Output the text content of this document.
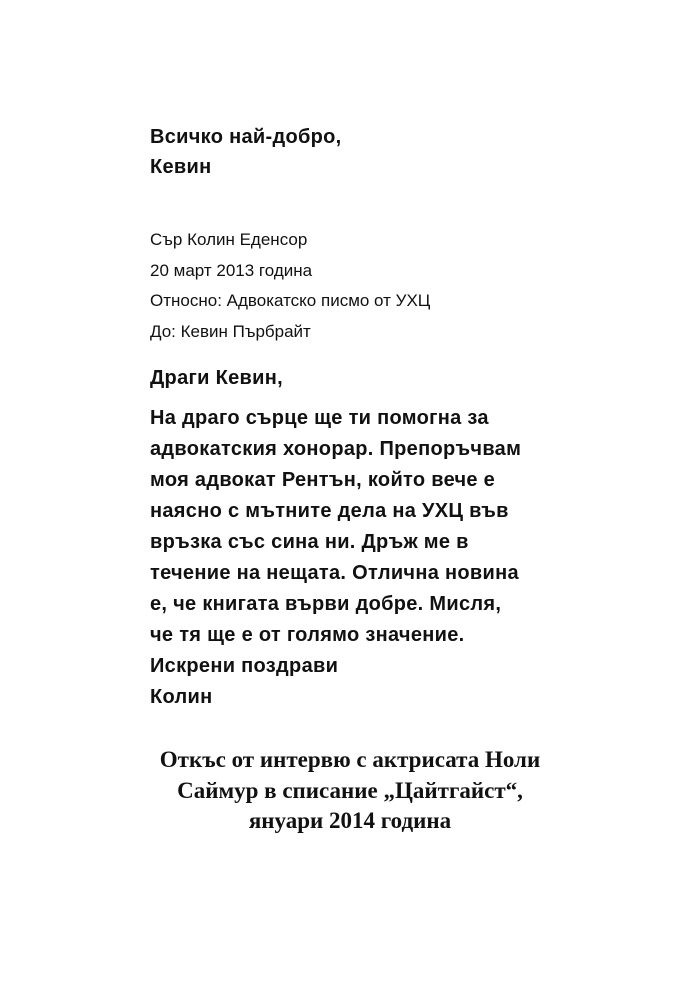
Всичко най-добро,
Кевин
Сър Колин Еденсор
20 март 2013 година
Относно: Адвокатско писмо от УХЦ
До: Кевин Пърбрайт
Драги Кевин,
На драго сърце ще ти помогна за
адвокатския хонорар. Препоръчвам
моя адвокат Рентън, който вече е
наясно с мътните дела на УХЦ във
връзка със сина ни. Дръж ме в
течение на нещата. Отлична новина
е, че книгата върви добре. Мисля,
че тя ще е от голямо значение.
Искрени поздрави
Колин
Откъс от интервю с актрисата Ноли
Саймур в списание „Цайтгайст“,
януари 2014 година
